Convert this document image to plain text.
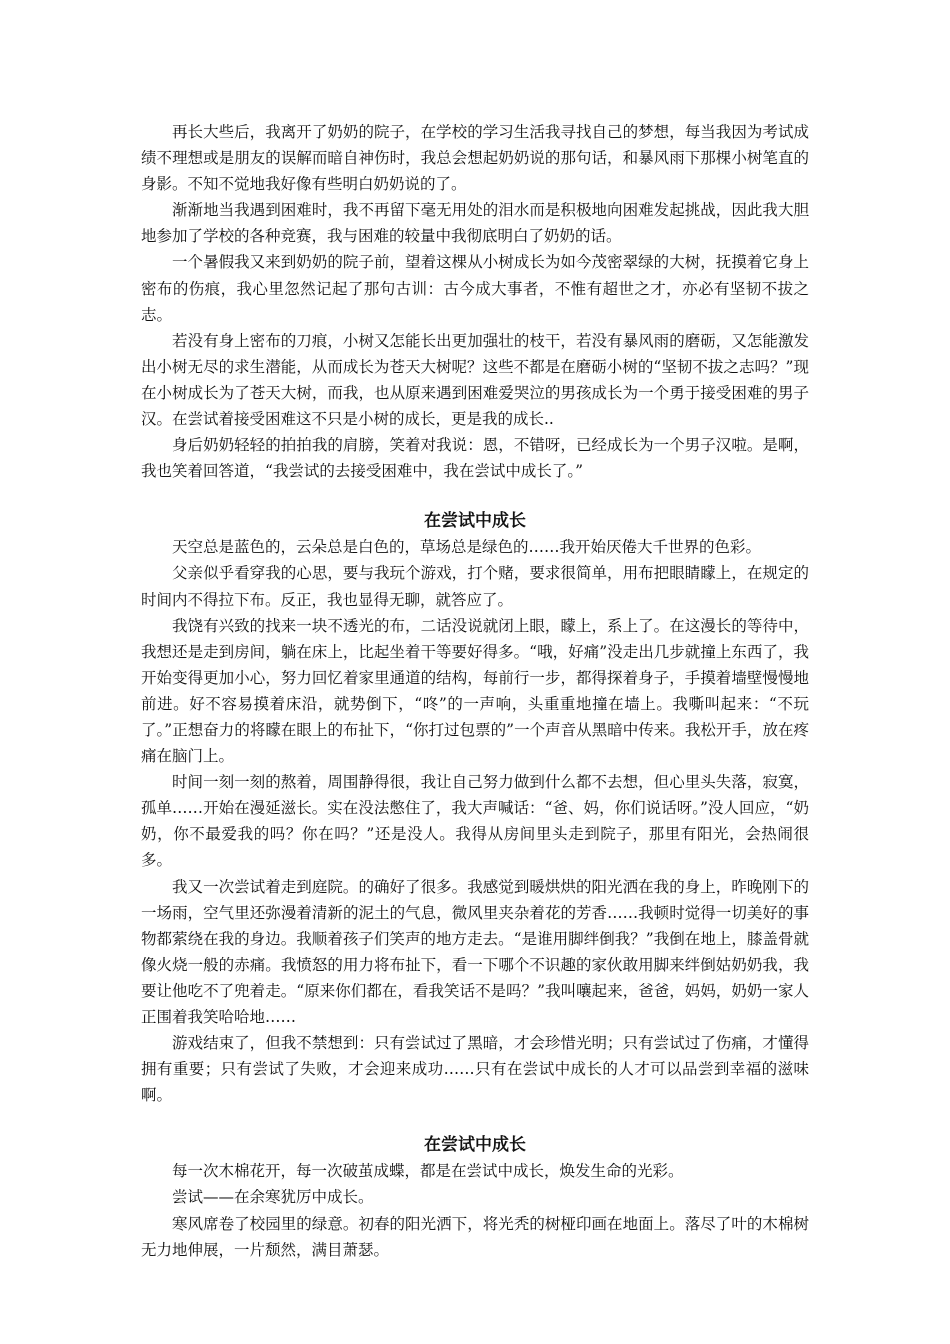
再长大些后，我离开了奶奶的院子，在学校的学习生活我寻找自己的梦想，每当我因为考试成绩不理想或是朋友的误解而暗自神伤时，我总会想起奶奶说的那句话，和暴风雨下那棵小树笔直的身影。不知不觉地我好像有些明白奶奶说的了。

渐渐地当我遇到困难时，我不再留下毫无用处的泪水而是积极地向困难发起挑战，因此我大胆地参加了学校的各种竞赛，我与困难的较量中我彻底明白了奶奶的话。

一个暑假我又来到奶奶的院子前，望着这棵从小树成长为如今茂密翠绿的大树，抚摸着它身上密布的伤痕，我心里忽然记起了那句古训：古今成大事者，不惟有超世之才，亦必有坚韧不拔之志。

若没有身上密布的刀痕，小树又怎能长出更加强壮的枝干，若没有暴风雨的磨砺，又怎能激发出小树无尽的求生潜能，从而成长为苍天大树呢？这些不都是在磨砺小树的“坚韧不拔之志吗？”现在小树成长为了苍天大树，而我，也从原来遇到困难爱哭泣的男孩成长为一个勇于接受困难的男子汉。在尝试着接受困难这不只是小树的成长，更是我的成长..

身后奶奶轻轻的拍拍我的肩膀，笑着对我说：恩，不错呀，已经成长为一个男子汉啦。是啊，我也笑着回答道，“我尝试的去接受困难中，我在尝试中成长了。”

在尝试中成长

天空总是蓝色的，云朵总是白色的，草场总是绿色的……我开始厌倦大千世界的色彩。

父亲似乎看穿我的心思，要与我玩个游戏，打个赌，要求很简单，用布把眼睛矇上，在规定的时间内不得拉下布。反正，我也显得无聊，就答应了。

我饶有兴致的找来一块不透光的布，二话没说就闭上眼，矇上，系上了。在这漫长的等待中，我想还是走到房间，躺在床上，比起坐着干等要好得多。“哦，好痛”没走出几步就撞上东西了，我开始变得更加小心，努力回忆着家里通道的结构，每前行一步，都得探着身子，手摸着墙壁慢慢地前进。好不容易摸着床沿，就势倒下，“咚”的一声响，头重重地撞在墙上。我嘶叫起来：“不玩了。”正想奋力的将矇在眼上的布扯下，“你打过包票的”一个声音从黑暗中传来。我松开手，放在疼痛在脑门上。

时间一刻一刻的熬着，周围静得很，我让自己努力做到什么都不去想，但心里头失落，寂寞，孤单……开始在漫延滋长。实在没法憋住了，我大声喊话：“爸、妈，你们说话呀。”没人回应，“奶奶，你不最爱我的吗？你在吗？”还是没人。我得从房间里头走到院子，那里有阳光，会热闹很多。

我又一次尝试着走到庭院。的确好了很多。我感觉到暖烘烘的阳光洒在我的身上，昨晚刚下的一场雨，空气里还弥漫着清新的泥土的气息，微风里夹杂着花的芳香……我顿时觉得一切美好的事物都萦绕在我的身边。我顺着孩子们笑声的地方走去。“是谁用脚绊倒我？”我倒在地上，膝盖骨就像火烧一般的赤痛。我愤怒的用力将布扯下，看一下哪个不识趣的家伙敢用脚来绊倒姑奶奶我，我要让他吃不了兜着走。“原来你们都在，看我笑话不是吗？”我叫嚷起来，爸爸，妈妈，奶奶一家人正围着我笑哈哈地……

游戏结束了，但我不禁想到：只有尝试过了黑暗，才会珍惜光明；只有尝试过了伤痛，才懂得拥有重要；只有尝试了失败，才会迎来成功……只有在尝试中成长的人才可以品尝到幸福的滋味啊。

在尝试中成长

每一次木棉花开，每一次破茧成蝶，都是在尝试中成长，焕发生命的光彩。

尝试——在余寒犹厉中成长。

寒风席卷了校园里的绿意。初春的阳光洒下，将光秃的树桠印画在地面上。落尽了叶的木棉树无力地伸展，一片颓然，满目萧瑟。
